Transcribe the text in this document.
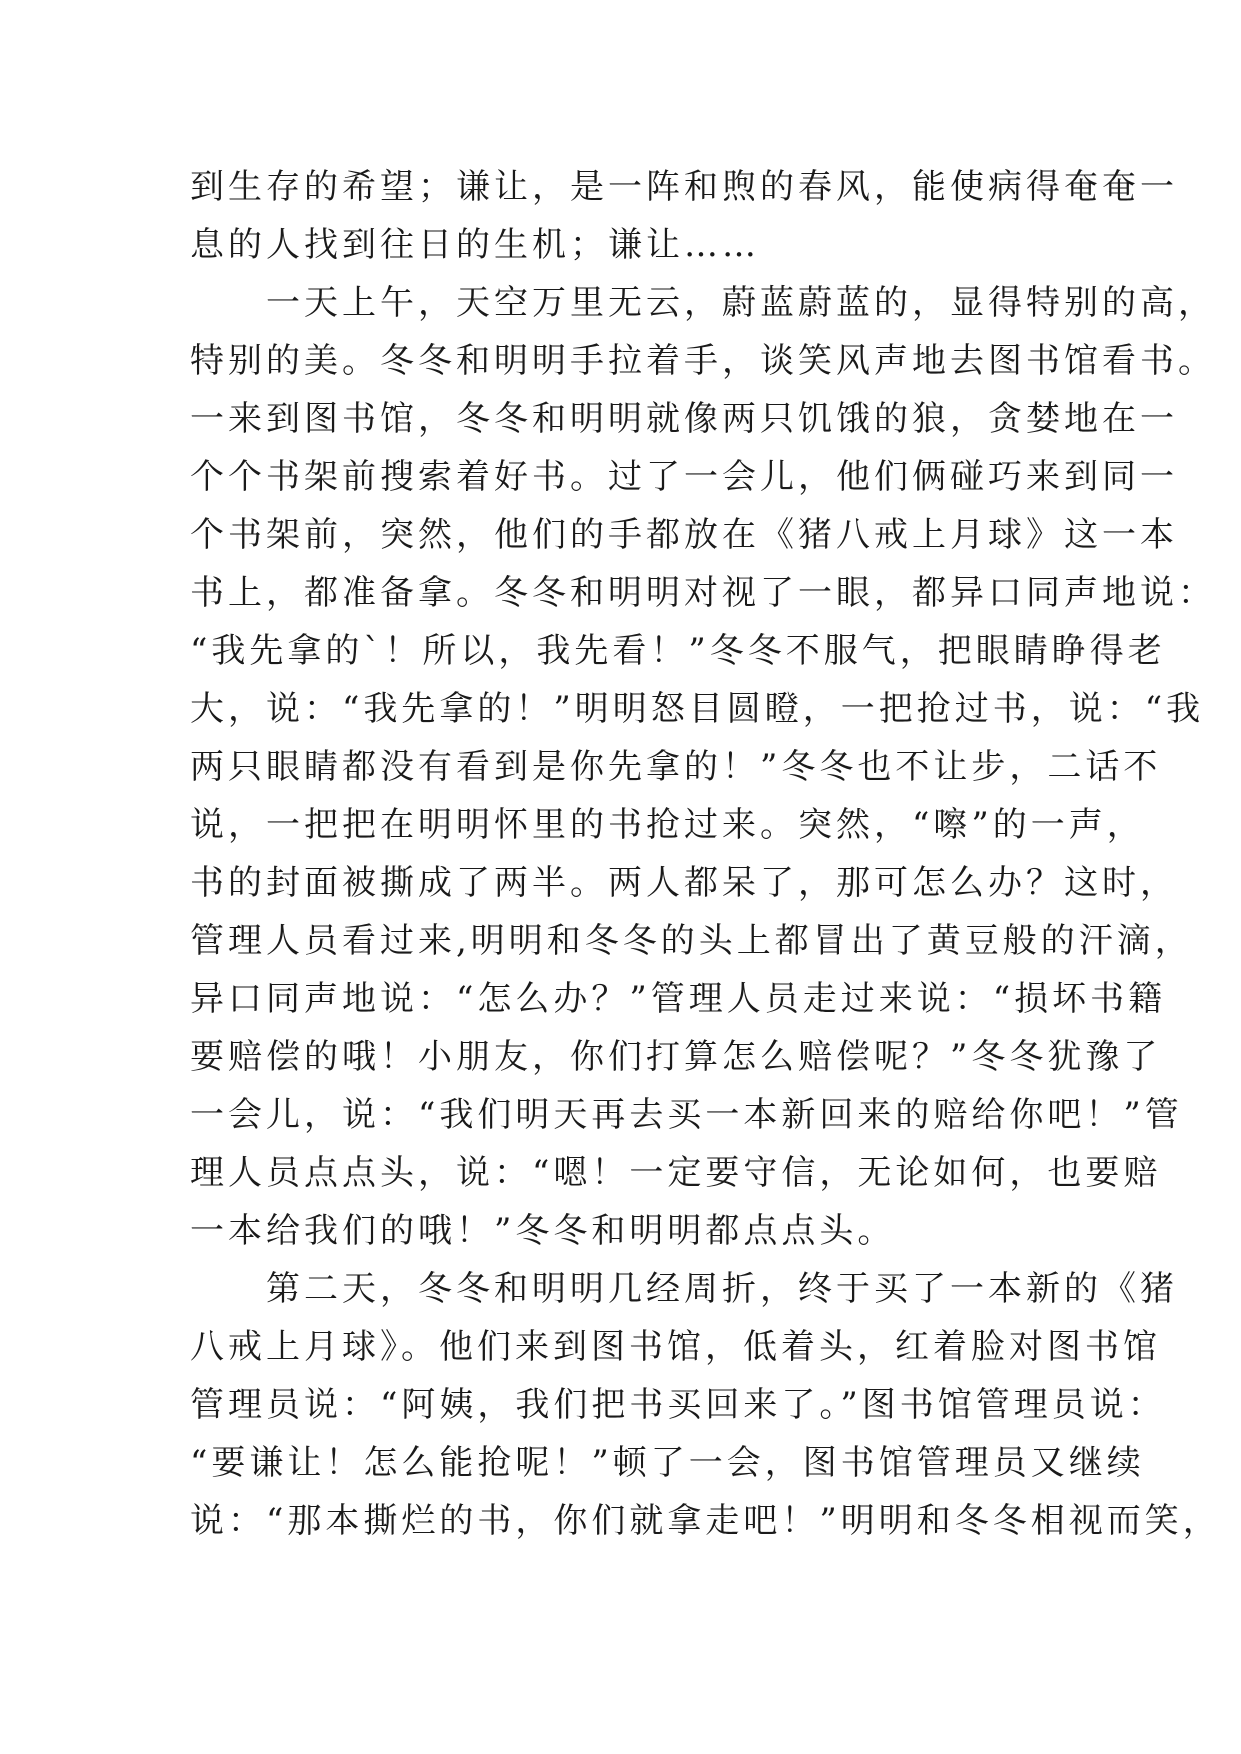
到生存的希望；谦让，是一阵和煦的春风，能使病得奄奄一
息的人找到往日的生机；谦让……
　　一天上午，天空万里无云，蔚蓝蔚蓝的，显得特别的高，
特别的美。冬冬和明明手拉着手，谈笑风声地去图书馆看书。
一来到图书馆，冬冬和明明就像两只饥饿的狼，贪婪地在一
个个书架前搜索着好书。过了一会儿，他们俩碰巧来到同一
个书架前，突然，他们的手都放在《猪八戒上月球》这一本
书上，都准备拿。冬冬和明明对视了一眼，都异口同声地说：
“我先拿的`！所以，我先看！”冬冬不服气，把眼睛睁得老
大，说：“我先拿的！”明明怒目圆瞪，一把抢过书，说：“我
两只眼睛都没有看到是你先拿的！”冬冬也不让步，二话不
说，一把把在明明怀里的书抢过来。突然，“嚓”的一声，
书的封面被撕成了两半。两人都呆了，那可怎么办？这时，
管理人员看过来,明明和冬冬的头上都冒出了黄豆般的汗滴，
异口同声地说：“怎么办？”管理人员走过来说：“损坏书籍
要赔偿的哦！小朋友，你们打算怎么赔偿呢？”冬冬犹豫了
一会儿，说：“我们明天再去买一本新回来的赔给你吧！”管
理人员点点头，说：“嗯！一定要守信，无论如何，也要赔
一本给我们的哦！”冬冬和明明都点点头。
　　第二天，冬冬和明明几经周折，终于买了一本新的《猪
八戒上月球》。他们来到图书馆，低着头，红着脸对图书馆
管理员说：“阿姨，我们把书买回来了。”图书馆管理员说：
“要谦让！怎么能抢呢！”顿了一会，图书馆管理员又继续
说：“那本撕烂的书，你们就拿走吧！”明明和冬冬相视而笑，
